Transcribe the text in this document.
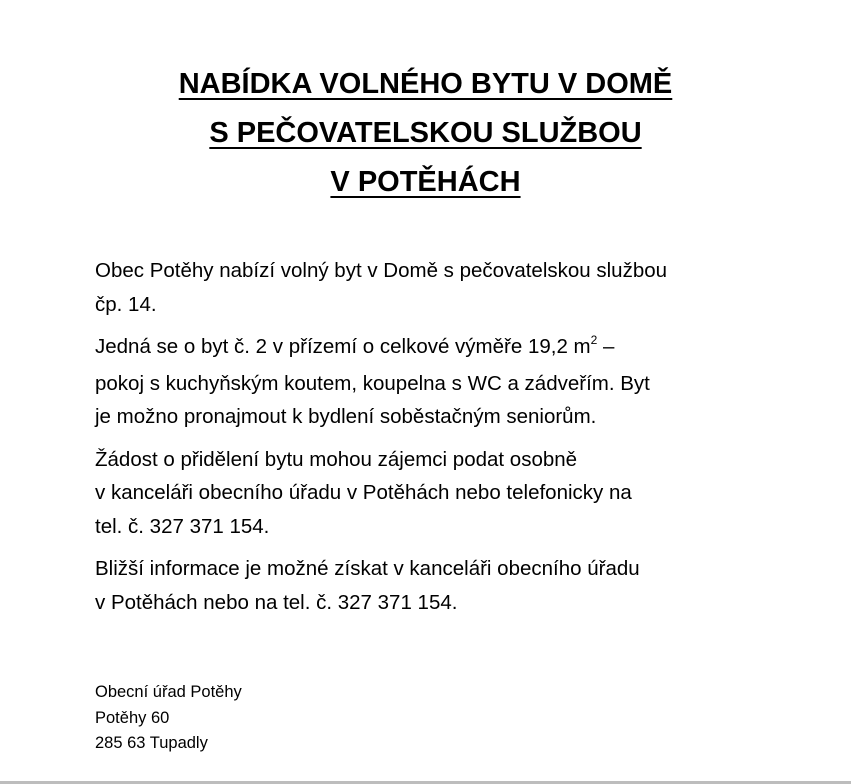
NABÍDKA VOLNÉHO BYTU V DOMĚ
S PEČOVATELSKOU SLUŽBOU
V POTĚHÁCH

Obec Potěhy nabízí volný byt v Domě s pečovatelskou službou
čp. 14.

Jedná se o byt č. 2 v přízemí o celkové výměře 19,2 $m^2$ –
pokoj s kuchyňským koutem, koupelna s WC a zádveřím. Byt
je možno pronajmout k bydlení soběstačným seniorům.

Žádost o přidělení bytu mohou zájemci podat osobně
v kanceláři obecního úřadu v Potěhách nebo telefonicky na
tel. č. 327 371 154.

Bližší informace je možné získat v kanceláři obecního úřadu
v Potěhách nebo na tel. č. 327 371 154.

Obecní úřad Potěhy
Potěhy 60
285 63 Tupadly
